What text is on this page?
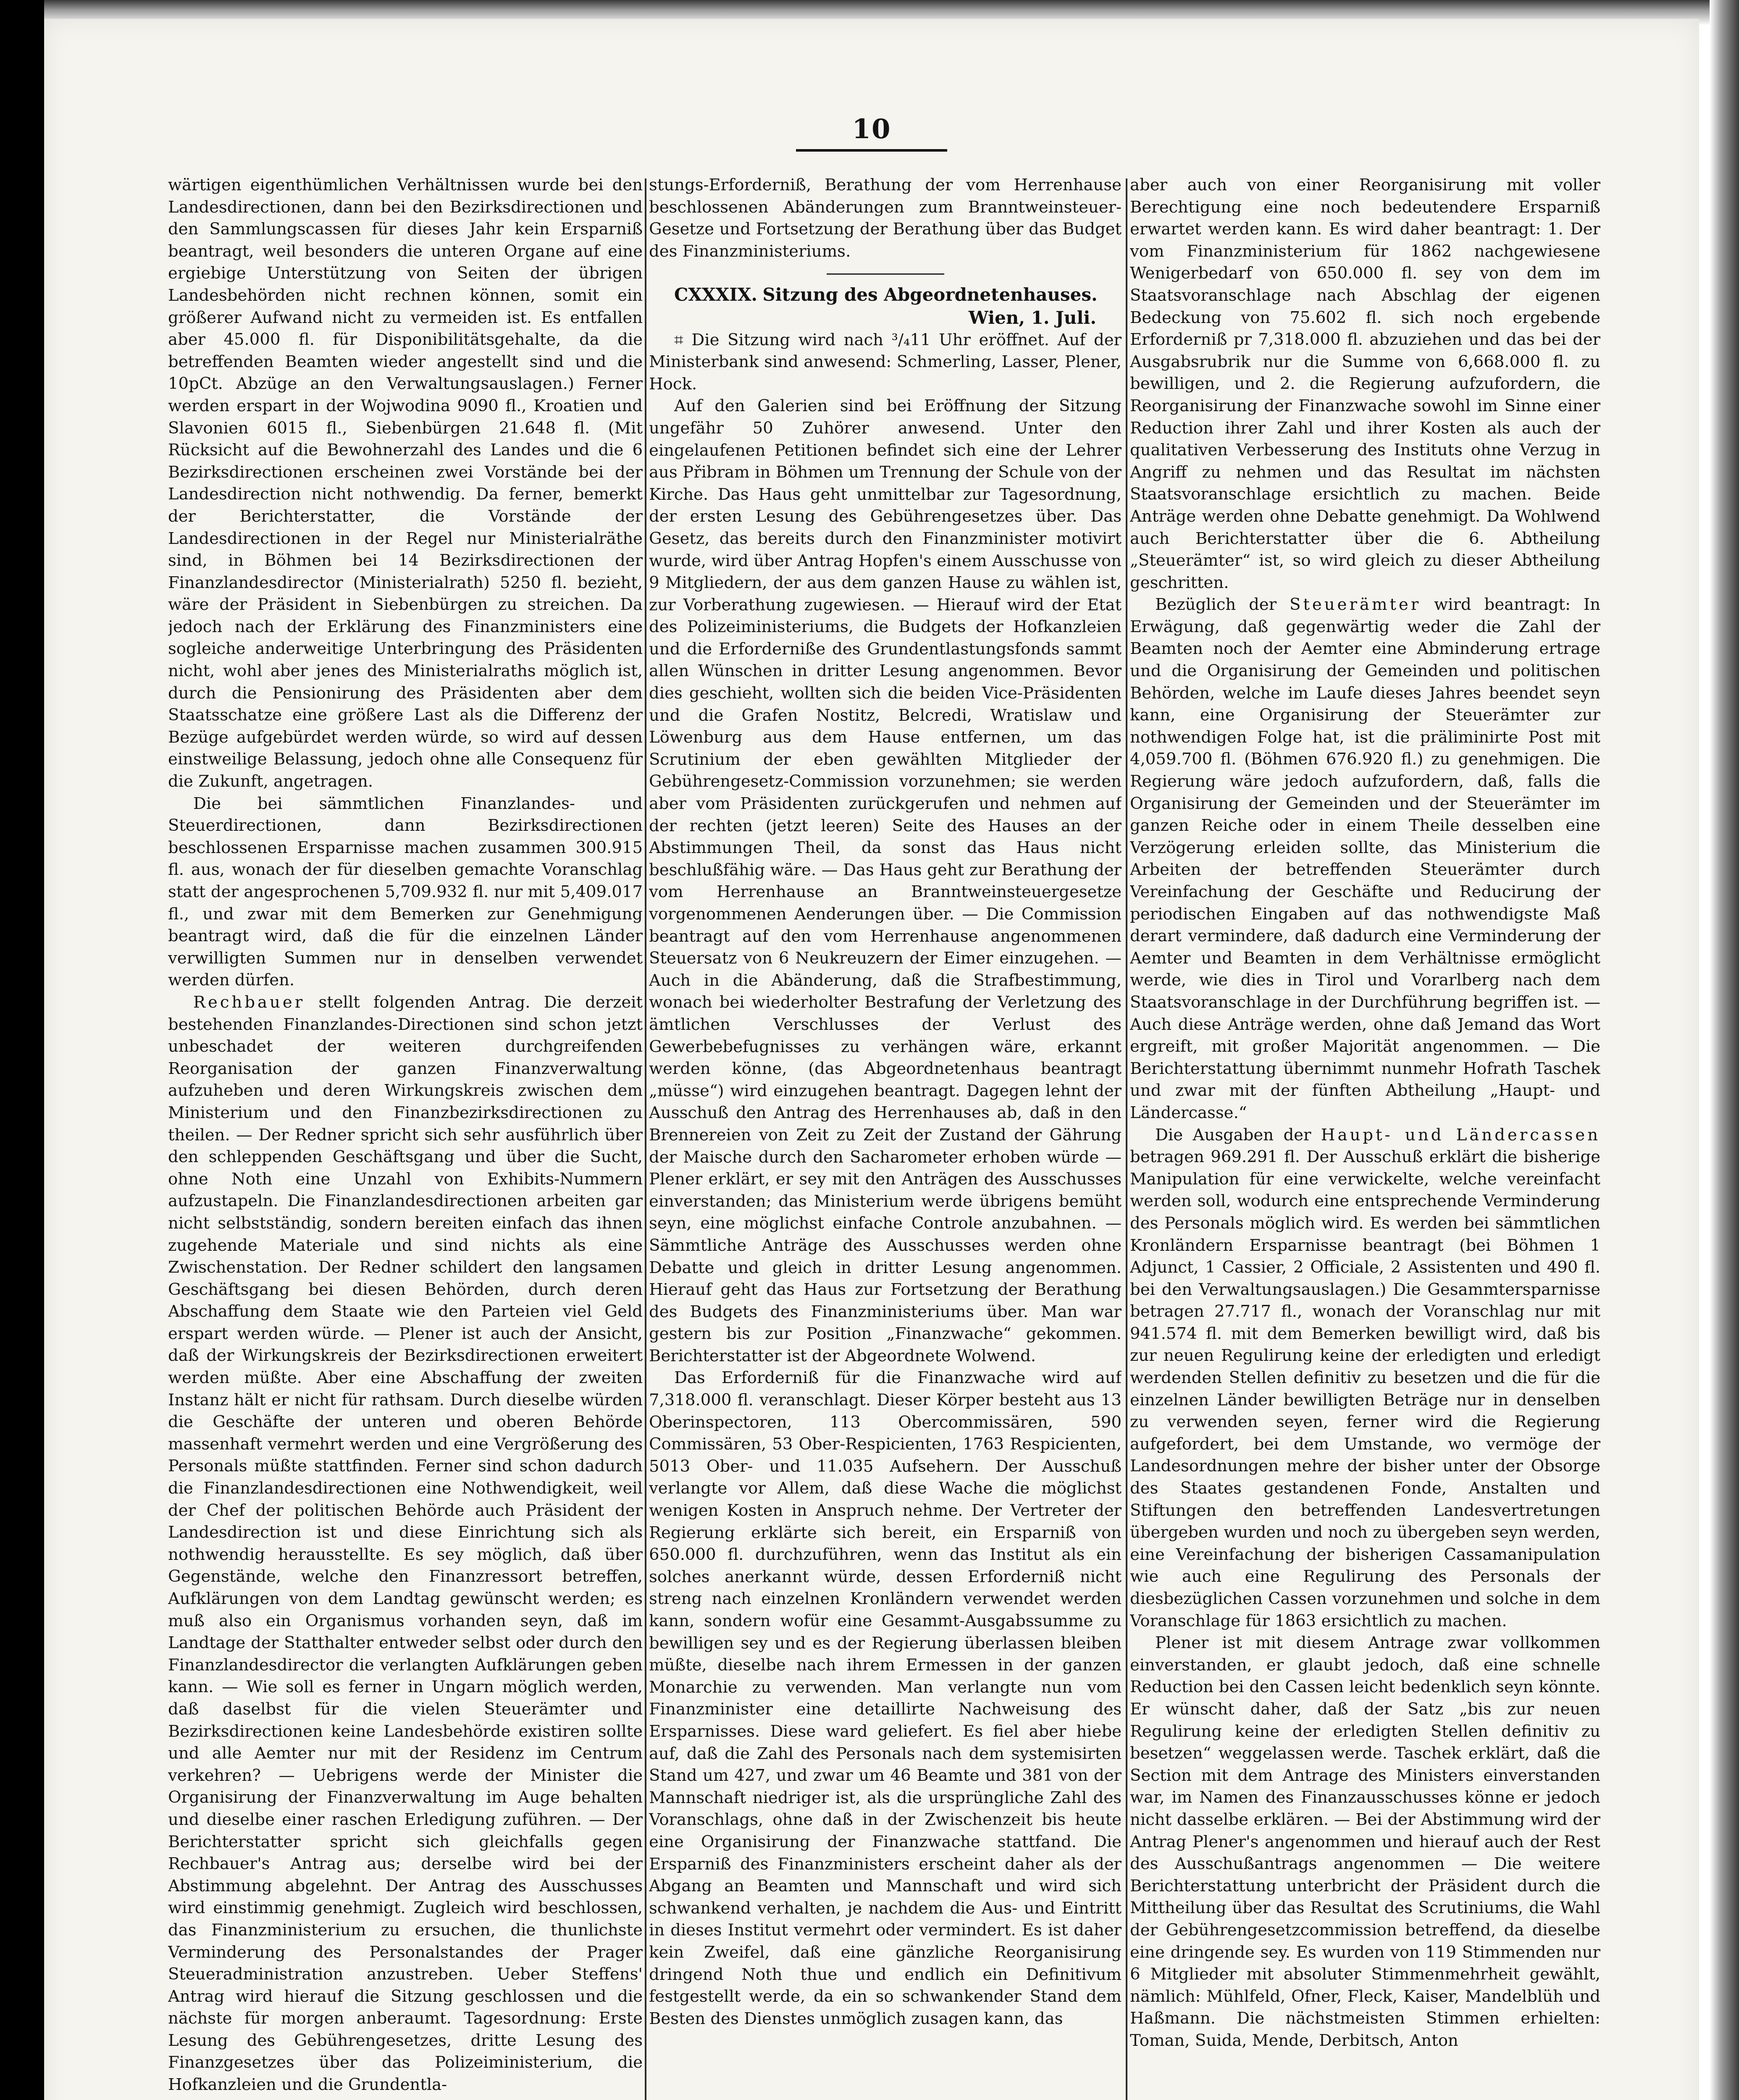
10

wärtigen eigenthümlichen Verhältnissen wurde bei den Landesdirectionen, dann bei den Bezirksdirectionen und den Sammlungscassen für dieses Jahr kein Ersparniß beantragt, weil besonders die unteren Organe auf eine ergiebige Unterstützung von Seiten der übrigen Landesbehörden nicht rechnen können, somit ein größerer Aufwand nicht zu vermeiden ist. Es entfallen aber 45.000 fl. für Disponibilitätsgehalte, da die betreffenden Beamten wieder angestellt sind und die 10pCt. Abzüge an den Verwaltungsauslagen.) Ferner werden erspart in der Wojwodina 9090 fl., Kroatien und Slavonien 6015 fl., Siebenbürgen 21.648 fl. (Mit Rücksicht auf die Bewohnerzahl des Landes und die 6 Bezirksdirectionen erscheinen zwei Vorstände bei der Landesdirection nicht nothwendig. Da ferner, bemerkt der Berichterstatter, die Vorstände der Landesdirectionen in der Regel nur Ministerialräthe sind, in Böhmen bei 14 Bezirksdirectionen der Finanzlandesdirector (Ministerialrath) 5250 fl. bezieht, wäre der Präsident in Siebenbürgen zu streichen. Da jedoch nach der Erklärung des Finanzministers eine sogleiche anderweitige Unterbringung des Präsidenten nicht, wohl aber jenes des Ministerialraths möglich ist, durch die Pensionirung des Präsidenten aber dem Staatsschatze eine größere Last als die Differenz der Bezüge aufgebürdet werden würde, so wird auf dessen einstweilige Belassung, jedoch ohne alle Consequenz für die Zukunft, angetragen.

Die bei sämmtlichen Finanzlandes- und Steuerdirectionen, dann Bezirksdirectionen beschlossenen Ersparnisse machen zusammen 300.915 fl. aus, wonach der für dieselben gemachte Voranschlag statt der angesprochenen 5,709.932 fl. nur mit 5,409.017 fl., und zwar mit dem Bemerken zur Genehmigung beantragt wird, daß die für die einzelnen Länder verwilligten Summen nur in denselben verwendet werden dürfen.

Rechbauer stellt folgenden Antrag. Die derzeit bestehenden Finanzlandes-Directionen sind schon jetzt unbeschadet der weiteren durchgreifenden Reorganisation der ganzen Finanzverwaltung aufzuheben und deren Wirkungskreis zwischen dem Ministerium und den Finanzbezirksdirectionen zu theilen. — Der Redner spricht sich sehr ausführlich über den schleppenden Geschäftsgang und über die Sucht, ohne Noth eine Unzahl von Exhibits-Nummern aufzustapeln. Die Finanzlandesdirectionen arbeiten gar nicht selbstständig, sondern bereiten einfach das ihnen zugehende Materiale und sind nichts als eine Zwischenstation. Der Redner schildert den langsamen Geschäftsgang bei diesen Behörden, durch deren Abschaffung dem Staate wie den Parteien viel Geld erspart werden würde. — Plener ist auch der Ansicht, daß der Wirkungskreis der Bezirksdirectionen erweitert werden müßte. Aber eine Abschaffung der zweiten Instanz hält er nicht für rathsam. Durch dieselbe würden die Geschäfte der unteren und oberen Behörde massenhaft vermehrt werden und eine Vergrößerung des Personals müßte stattfinden. Ferner sind schon dadurch die Finanzlandesdirectionen eine Nothwendigkeit, weil der Chef der politischen Behörde auch Präsident der Landesdirection ist und diese Einrichtung sich als nothwendig herausstellte. Es sey möglich, daß über Gegenstände, welche den Finanzressort betreffen, Aufklärungen von dem Landtag gewünscht werden; es muß also ein Organismus vorhanden seyn, daß im Landtage der Statthalter entweder selbst oder durch den Finanzlandesdirector die verlangten Aufklärungen geben kann. — Wie soll es ferner in Ungarn möglich werden, daß daselbst für die vielen Steuerämter und Bezirksdirectionen keine Landesbehörde existiren sollte und alle Aemter nur mit der Residenz im Centrum verkehren? — Uebrigens werde der Minister die Organisirung der Finanzverwaltung im Auge behalten und dieselbe einer raschen Erledigung zuführen. — Der Berichterstatter spricht sich gleichfalls gegen Rechbauer's Antrag aus; derselbe wird bei der Abstimmung abgelehnt. Der Antrag des Ausschusses wird einstimmig genehmigt. Zugleich wird beschlossen, das Finanzministerium zu ersuchen, die thunlichste Verminderung des Personalstandes der Prager Steueradministration anzustreben. Ueber Steffens' Antrag wird hierauf die Sitzung geschlossen und die nächste für morgen anberaumt. Tagesordnung: Erste Lesung des Gebührengesetzes, dritte Lesung des Finanzgesetzes über das Polizeiministerium, die Hofkanzleien und die Grundentla-

stungs-Erforderniß, Berathung der vom Herrenhause beschlossenen Abänderungen zum Branntweinsteuer-Gesetze und Fortsetzung der Berathung über das Budget des Finanzministeriums.

CXXXIX. Sitzung des Abgeordnetenhauses.

Wien, 1. Juli.

⌗ Die Sitzung wird nach ³/₄11 Uhr eröffnet. Auf der Ministerbank sind anwesend: Schmerling, Lasser, Plener, Hock.

Auf den Galerien sind bei Eröffnung der Sitzung ungefähr 50 Zuhörer anwesend. Unter den eingelaufenen Petitionen befindet sich eine der Lehrer aus Přibram in Böhmen um Trennung der Schule von der Kirche. Das Haus geht unmittelbar zur Tagesordnung, der ersten Lesung des Gebührengesetzes über. Das Gesetz, das bereits durch den Finanzminister motivirt wurde, wird über Antrag Hopfen's einem Ausschusse von 9 Mitgliedern, der aus dem ganzen Hause zu wählen ist, zur Vorberathung zugewiesen. — Hierauf wird der Etat des Polizeiministeriums, die Budgets der Hofkanzleien und die Erforderniße des Grundentlastungsfonds sammt allen Wünschen in dritter Lesung angenommen. Bevor dies geschieht, wollten sich die beiden Vice-Präsidenten und die Grafen Nostitz, Belcredi, Wratislaw und Löwenburg aus dem Hause entfernen, um das Scrutinium der eben gewählten Mitglieder der Gebührengesetz-Commission vorzunehmen; sie werden aber vom Präsidenten zurückgerufen und nehmen auf der rechten (jetzt leeren) Seite des Hauses an der Abstimmungen Theil, da sonst das Haus nicht beschlußfähig wäre. — Das Haus geht zur Berathung der vom Herrenhause an Branntweinsteuergesetze vorgenommenen Aenderungen über. — Die Commission beantragt auf den vom Herrenhause angenommenen Steuersatz von 6 Neukreuzern der Eimer einzugehen. — Auch in die Abänderung, daß die Strafbestimmung, wonach bei wiederholter Bestrafung der Verletzung des ämtlichen Verschlusses der Verlust des Gewerbebefugnisses zu verhängen wäre, erkannt werden könne, (das Abgeordnetenhaus beantragt „müsse“) wird einzugehen beantragt. Dagegen lehnt der Ausschuß den Antrag des Herrenhauses ab, daß in den Brennereien von Zeit zu Zeit der Zustand der Gährung der Maische durch den Sacharometer erhoben würde — Plener erklärt, er sey mit den Anträgen des Ausschusses einverstanden; das Ministerium werde übrigens bemüht seyn, eine möglichst einfache Controle anzubahnen. — Sämmtliche Anträge des Ausschusses werden ohne Debatte und gleich in dritter Lesung angenommen. Hierauf geht das Haus zur Fortsetzung der Berathung des Budgets des Finanzministeriums über. Man war gestern bis zur Position „Finanzwache“ gekommen. Berichterstatter ist der Abgeordnete Wolwend.

Das Erforderniß für die Finanzwache wird auf 7,318.000 fl. veranschlagt. Dieser Körper besteht aus 13 Oberinspectoren, 113 Obercommissären, 590 Commissären, 53 Ober-Respicienten, 1763 Respicienten, 5013 Ober- und 11.035 Aufsehern. Der Ausschuß verlangte vor Allem, daß diese Wache die möglichst wenigen Kosten in Anspruch nehme. Der Vertreter der Regierung erklärte sich bereit, ein Ersparniß von 650.000 fl. durchzuführen, wenn das Institut als ein solches anerkannt würde, dessen Erforderniß nicht streng nach einzelnen Kronländern verwendet werden kann, sondern wofür eine Gesammt-Ausgabssumme zu bewilligen sey und es der Regierung überlassen bleiben müßte, dieselbe nach ihrem Ermessen in der ganzen Monarchie zu verwenden. Man verlangte nun vom Finanzminister eine detaillirte Nachweisung des Ersparnisses. Diese ward geliefert. Es fiel aber hiebe auf, daß die Zahl des Personals nach dem systemisirten Stand um 427, und zwar um 46 Beamte und 381 von der Mannschaft niedriger ist, als die ursprüngliche Zahl des Voranschlags, ohne daß in der Zwischenzeit bis heute eine Organisirung der Finanzwache stattfand. Die Ersparniß des Finanzministers erscheint daher als der Abgang an Beamten und Mannschaft und wird sich schwankend verhalten, je nachdem die Aus- und Eintritt in dieses Institut vermehrt oder vermindert. Es ist daher kein Zweifel, daß eine gänzliche Reorganisirung dringend Noth thue und endlich ein Definitivum festgestellt werde, da ein so schwankender Stand dem Besten des Dienstes unmöglich zusagen kann, das

aber auch von einer Reorganisirung mit voller Berechtigung eine noch bedeutendere Ersparniß erwartet werden kann. Es wird daher beantragt: 1. Der vom Finanzministerium für 1862 nachgewiesene Wenigerbedarf von 650.000 fl. sey von dem im Staatsvoranschlage nach Abschlag der eigenen Bedeckung von 75.602 fl. sich noch ergebende Erforderniß pr 7,318.000 fl. abzuziehen und das bei der Ausgabsrubrik nur die Summe von 6,668.000 fl. zu bewilligen, und 2. die Regierung aufzufordern, die Reorganisirung der Finanzwache sowohl im Sinne einer Reduction ihrer Zahl und ihrer Kosten als auch der qualitativen Verbesserung des Instituts ohne Verzug in Angriff zu nehmen und das Resultat im nächsten Staatsvoranschlage ersichtlich zu machen. Beide Anträge werden ohne Debatte genehmigt. Da Wohlwend auch Berichterstatter über die 6. Abtheilung „Steuerämter“ ist, so wird gleich zu dieser Abtheilung geschritten.

Bezüglich der Steuerämter wird beantragt: In Erwägung, daß gegenwärtig weder die Zahl der Beamten noch der Aemter eine Abminderung ertrage und die Organisirung der Gemeinden und politischen Behörden, welche im Laufe dieses Jahres beendet seyn kann, eine Organisirung der Steuerämter zur nothwendigen Folge hat, ist die präliminirte Post mit 4,059.700 fl. (Böhmen 676.920 fl.) zu genehmigen. Die Regierung wäre jedoch aufzufordern, daß, falls die Organisirung der Gemeinden und der Steuerämter im ganzen Reiche oder in einem Theile desselben eine Verzögerung erleiden sollte, das Ministerium die Arbeiten der betreffenden Steuerämter durch Vereinfachung der Geschäfte und Reducirung der periodischen Eingaben auf das nothwendigste Maß derart vermindere, daß dadurch eine Verminderung der Aemter und Beamten in dem Verhältnisse ermöglicht werde, wie dies in Tirol und Vorarlberg nach dem Staatsvoranschlage in der Durchführung begriffen ist. — Auch diese Anträge werden, ohne daß Jemand das Wort ergreift, mit großer Majorität angenommen. — Die Berichterstattung übernimmt nunmehr Hofrath Taschek und zwar mit der fünften Abtheilung „Haupt- und Ländercasse.“

Die Ausgaben der Haupt- und Ländercassen betragen 969.291 fl. Der Ausschuß erklärt die bisherige Manipulation für eine verwickelte, welche vereinfacht werden soll, wodurch eine entsprechende Verminderung des Personals möglich wird. Es werden bei sämmtlichen Kronländern Ersparnisse beantragt (bei Böhmen 1 Adjunct, 1 Cassier, 2 Officiale, 2 Assistenten und 490 fl. bei den Verwaltungsauslagen.) Die Gesammtersparnisse betragen 27.717 fl., wonach der Voranschlag nur mit 941.574 fl. mit dem Bemerken bewilligt wird, daß bis zur neuen Regulirung keine der erledigten und erledigt werdenden Stellen definitiv zu besetzen und die für die einzelnen Länder bewilligten Beträge nur in denselben zu verwenden seyen, ferner wird die Regierung aufgefordert, bei dem Umstande, wo vermöge der Landesordnungen mehre der bisher unter der Obsorge des Staates gestandenen Fonde, Anstalten und Stiftungen den betreffenden Landesvertretungen übergeben wurden und noch zu übergeben seyn werden, eine Vereinfachung der bisherigen Cassamanipulation wie auch eine Regulirung des Personals der diesbezüglichen Cassen vorzunehmen und solche in dem Voranschlage für 1863 ersichtlich zu machen.

Plener ist mit diesem Antrage zwar vollkommen einverstanden, er glaubt jedoch, daß eine schnelle Reduction bei den Cassen leicht bedenklich seyn könnte. Er wünscht daher, daß der Satz „bis zur neuen Regulirung keine der erledigten Stellen definitiv zu besetzen“ weggelassen werde. Taschek erklärt, daß die Section mit dem Antrage des Ministers einverstanden war, im Namen des Finanzausschusses könne er jedoch nicht dasselbe erklären. — Bei der Abstimmung wird der Antrag Plener's angenommen und hierauf auch der Rest des Ausschußantrags angenommen — Die weitere Berichterstattung unterbricht der Präsident durch die Mittheilung über das Resultat des Scrutiniums, die Wahl der Gebührengesetzcommission betreffend, da dieselbe eine dringende sey. Es wurden von 119 Stimmenden nur 6 Mitglieder mit absoluter Stimmenmehrheit gewählt, nämlich: Mühlfeld, Ofner, Fleck, Kaiser, Mandelblüh und Haßmann. Die nächstmeisten Stimmen erhielten: Toman, Suida, Mende, Derbitsch, Anton
